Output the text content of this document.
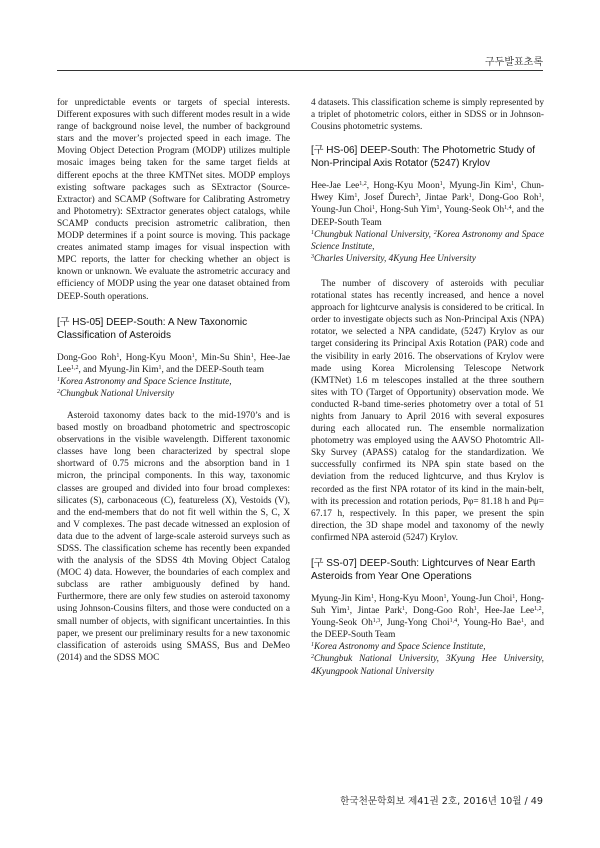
구두발표초록

for unpredictable events or targets of special interests. Different exposures with such different modes result in a wide range of background noise level, the number of background stars and the mover’s projected speed in each image. The Moving Object Detection Program (MODP) utilizes multiple mosaic images being taken for the same target fields at different epochs at the three KMTNet sites. MODP employs existing software packages such as SExtractor (Source-Extractor) and SCAMP (Software for Calibrating Astrometry and Photometry): SExtractor generates object catalogs, while SCAMP conducts precision astrometric calibration, then MODP determines if a point source is moving. This package creates animated stamp images for visual inspection with MPC reports, the latter for checking whether an object is known or unknown. We evaluate the astrometric accuracy and efficiency of MODP using the year one dataset obtained from DEEP-South operations.

[구 HS-05] DEEP-South: A New Taxonomic Classification of Asteroids

Dong-Goo Roh$^1$, Hong-Kyu Moon$^1$, Min-Su Shin$^1$, Hee-Jae Lee$^{1,2}$, and Myung-Jin Kim$^1$, and the DEEP-South team

$^1$Korea Astronomy and Space Science Institute,
$^2$Chungbuk National University

Asteroid taxonomy dates back to the mid-1970’s and is based mostly on broadband photometric and spectroscopic observations in the visible wavelength. Different taxonomic classes have long been characterized by spectral slope shortward of 0.75 microns and the absorption band in 1 micron, the principal components. In this way, taxonomic classes are grouped and divided into four broad complexes: silicates (S), carbonaceous (C), featureless (X), Vestoids (V), and the end-members that do not fit well within the S, C, X and V complexes. The past decade witnessed an explosion of data due to the advent of large-scale asteroid surveys such as SDSS. The classification scheme has recently been expanded with the analysis of the SDSS 4th Moving Object Catalog (MOC 4) data. However, the boundaries of each complex and subclass are rather ambiguously defined by hand. Furthermore, there are only few studies on asteroid taxonomy using Johnson-Cousins filters, and those were conducted on a small number of objects, with significant uncertainties. In this paper, we present our preliminary results for a new taxonomic classification of asteroids using SMASS, Bus and DeMeo (2014) and the SDSS MOC

4 datasets. This classification scheme is simply represented by a triplet of photometric colors, either in SDSS or in Johnson-Cousins photometric systems.

[구 HS-06] DEEP-South: The Photometric Study of Non-Principal Axis Rotator (5247) Krylov

Hee-Jae Lee$^{1,2}$, Hong-Kyu Moon$^1$, Myung-Jin Kim$^1$, Chun-Hwey Kim$^1$, Josef Ďurech$^3$, Jintae Park$^1$, Dong-Goo Roh$^1$, Young-Jun Choi$^1$, Hong-Suh Yim$^1$, Young-Seok Oh$^{1,4}$, and the DEEP-South Team

$^1$Chungbuk National University, $^2$Korea Astronomy and Space Science Institute,
$^3$Charles University, 4Kyung Hee University

The number of discovery of asteroids with peculiar rotational states has recently increased, and hence a novel approach for lightcurve analysis is considered to be critical. In order to investigate objects such as Non-Principal Axis (NPA) rotator, we selected a NPA candidate, (5247) Krylov as our target considering its Principal Axis Rotation (PAR) code and the visibility in early 2016. The observations of Krylov were made using Korea Microlensing Telescope Network (KMTNet) 1.6 m telescopes installed at the three southern sites with TO (Target of Opportunity) observation mode. We conducted R-band time-series photometry over a total of 51 nights from January to April 2016 with several exposures during each allocated run. The ensemble normalization photometry was employed using the AAVSO Photomtric All-Sky Survey (APASS) catalog for the standardization. We successfully confirmed its NPA spin state based on the deviation from the reduced lightcurve, and thus Krylov is recorded as the first NPA rotator of its kind in the main-belt, with its precession and rotation periods, Pφ= 81.18 h and Pψ= 67.17 h, respectively. In this paper, we present the spin direction, the 3D shape model and taxonomy of the newly confirmed NPA asteroid (5247) Krylov.

[구 SS-07] DEEP-South: Lightcurves of Near Earth Asteroids from Year One Operations

Myung-Jin Kim$^1$, Hong-Kyu Moon$^1$, Young-Jun Choi$^1$, Hong-Suh Yim$^1$, Jintae Park$^1$, Dong-Goo Roh$^1$, Hee-Jae Lee$^{1,2}$, Young-Seok Oh$^{1,3}$, Jung-Yong Choi$^{1,4}$, Young-Ho Bae$^1$, and the DEEP-South Team

$^1$Korea Astronomy and Space Science Institute,
$^2$Chungbuk National University, 3Kyung Hee University, 4Kyungpook National University

한국천문학회보 제41권 2호, 2016년 10월 / 49
